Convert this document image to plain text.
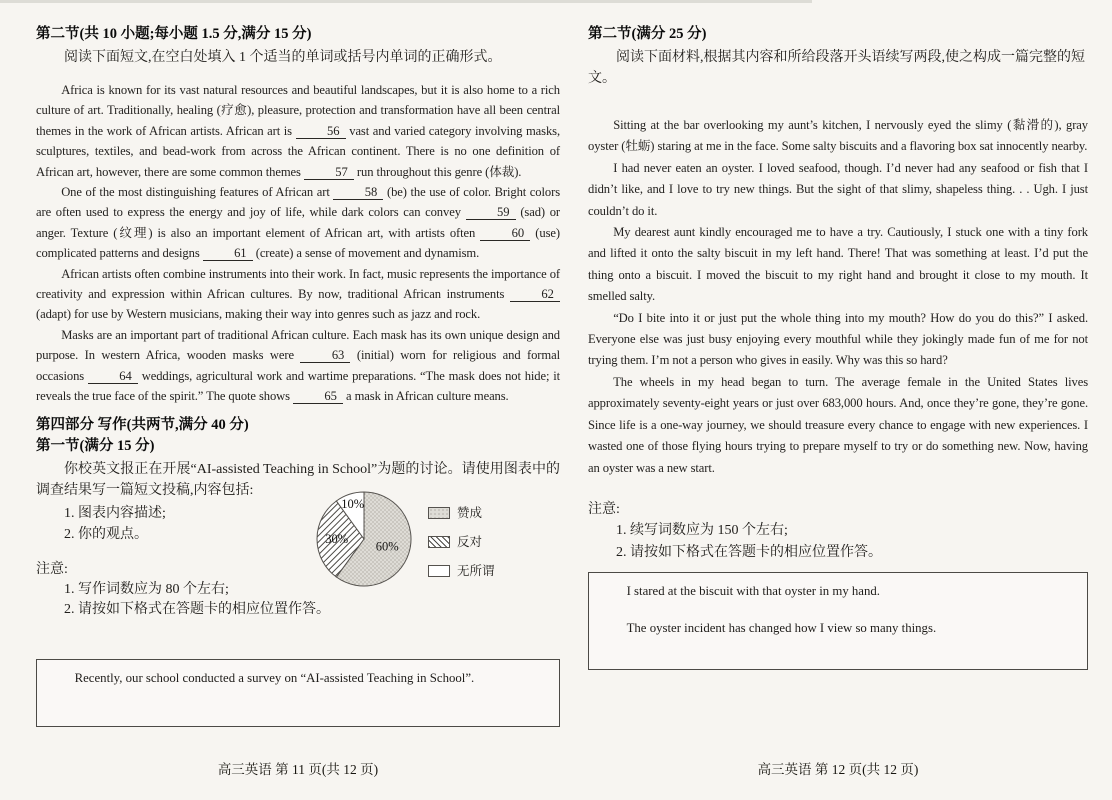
第二节(共 10 小题;每小题 1.5 分,满分 15 分)

阅读下面短文,在空白处填入 1 个适当的单词或括号内单词的正确形式。

Africa is known for its vast natural resources and beautiful landscapes, but it is also home to a rich culture of art. Traditionally, healing (疗愈), pleasure, protection and transformation have all been central themes in the work of African artists. African art is 56 vast and varied category involving masks, sculptures, textiles, and bead-work from across the African continent. There is no one definition of African art, however, there are some common themes 57 run throughout this genre (体裁).

One of the most distinguishing features of African art 58 (be) the use of color. Bright colors are often used to express the energy and joy of life, while dark colors can convey 59 (sad) or anger. Texture (纹理) is also an important element of African art, with artists often 60 (use) complicated patterns and designs 61 (create) a sense of movement and dynamism.

African artists often combine instruments into their work. In fact, music represents the importance of creativity and expression within African cultures. By now, traditional African instruments 62 (adapt) for use by Western musicians, making their way into genres such as jazz and rock.

Masks are an important part of traditional African culture. Each mask has its own unique design and purpose. In western Africa, wooden masks were 63 (initial) worn for religious and formal occasions 64 weddings, agricultural work and wartime preparations. “The mask does not hide; it reveals the true face of the spirit.” The quote shows 65 a mask in African culture means.

第四部分 写作(共两节,满分 40 分)
第一节(满分 15 分)

你校英文报正在开展“AI-assisted Teaching in School”为题的讨论。请使用图表中的调查结果写一篇短文投稿,内容包括:

1. 图表内容描述;
2. 你的观点。

注意:

1. 写作词数应为 80 个左右;
2. 请按如下格式在答题卡的相应位置作答。
60%
30%
10%
赞成
反对
无所谓

Recently, our school conducted a survey on “AI-assisted Teaching in School”.

高三英语 第 11 页(共 12 页)
第二节(满分 25 分)

阅读下面材料,根据其内容和所给段落开头语续写两段,使之构成一篇完整的短文。

Sitting at the bar overlooking my aunt’s kitchen, I nervously eyed the slimy (黏滑的), gray oyster (牡蛎) staring at me in the face. Some salty biscuits and a flavoring box sat innocently nearby.

I had never eaten an oyster. I loved seafood, though. I’d never had any seafood or fish that I didn’t like, and I love to try new things. But the sight of that slimy, shapeless thing. . . Ugh. I just couldn’t do it.

My dearest aunt kindly encouraged me to have a try. Cautiously, I stuck one with a tiny fork and lifted it onto the salty biscuit in my left hand. There! That was something at least. I’d put the thing onto a biscuit. I moved the biscuit to my right hand and brought it close to my mouth. It smelled salty.

“Do I bite into it or just put the whole thing into my mouth? How do you do this?” I asked. Everyone else was just busy enjoying every mouthful while they jokingly made fun of me for not trying them. I’m not a person who gives in easily. Why was this so hard?

The wheels in my head began to turn. The average female in the United States lives approximately seventy-eight years or just over 683,000 hours. And, once they’re gone, they’re gone. Since life is a one-way journey, we should treasure every chance to engage with new experiences. I wasted one of those flying hours trying to prepare myself to try or do something new. Now, having an oyster was a new start.

注意:

1. 续写词数应为 150 个左右;
2. 请按如下格式在答题卡的相应位置作答。

I stared at the biscuit with that oyster in my hand.

The oyster incident has changed how I view so many things.

高三英语 第 12 页(共 12 页)
